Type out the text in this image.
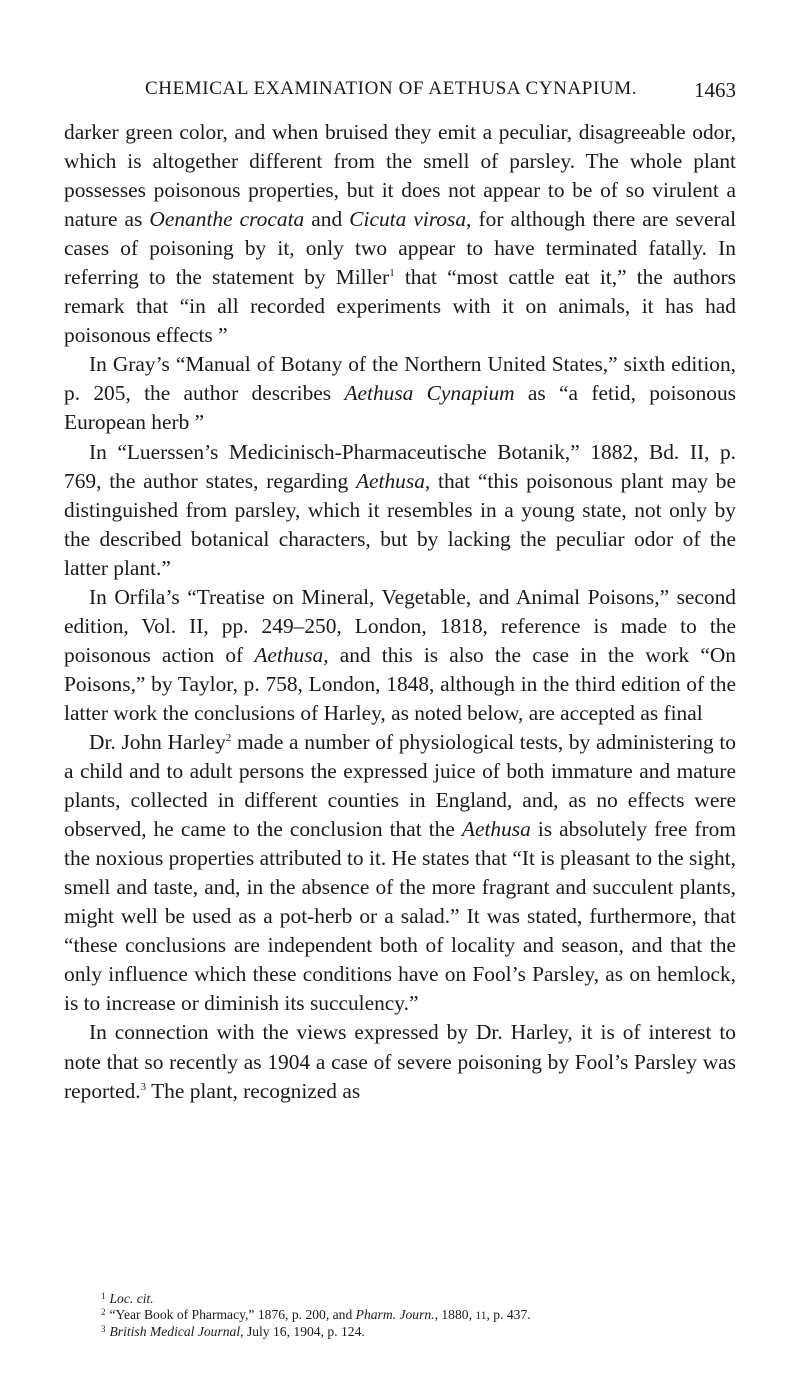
CHEMICAL EXAMINATION OF AETHUSA CYNAPIUM.	1463

darker green color, and when bruised they emit a peculiar, disagreeable odor, which is altogether different from the smell of parsley. The whole plant possesses poisonous properties, but it does not appear to be of so virulent a nature as Oenanthe crocata and Cicuta virosa, for although there are several cases of poisoning by it, only two appear to have terminated fatally. In referring to the statement by Miller$^1$ that “most cattle eat it,” the authors remark that “in all recorded experiments with it on animals, it has had poisonous effects ”

In Gray’s “Manual of Botany of the Northern United States,” sixth edition, p. 205, the author describes Aethusa Cynapium as “a fetid, poisonous European herb ”

In “Luerssen’s Medicinisch-Pharmaceutische Botanik,” 1882, Bd. II, p. 769, the author states, regarding Aethusa, that “this poisonous plant may be distinguished from parsley, which it resembles in a young state, not only by the described botanical characters, but by lacking the peculiar odor of the latter plant.”

In Orfila’s “Treatise on Mineral, Vegetable, and Animal Poisons,” second edition, Vol. II, pp. 249–250, London, 1818, reference is made to the poisonous action of Aethusa, and this is also the case in the work “On Poisons,” by Taylor, p. 758, London, 1848, although in the third edition of the latter work the conclusions of Harley, as noted below, are accepted as final

Dr. John Harley$^2$ made a number of physiological tests, by administering to a child and to adult persons the expressed juice of both immature and mature plants, collected in different counties in England, and, as no effects were observed, he came to the conclusion that the Aethusa is absolutely free from the noxious properties attributed to it. He states that “It is pleasant to the sight, smell and taste, and, in the absence of the more fragrant and succulent plants, might well be used as a pot-herb or a salad.” It was stated, furthermore, that “these conclusions are independent both of locality and season, and that the only influence which these conditions have on Fool’s Parsley, as on hemlock, is to increase or diminish its succulency.”

In connection with the views expressed by Dr. Harley, it is of interest to note that so recently as 1904 a case of severe poisoning by Fool’s Parsley was reported.$^3$ The plant, recognized as

$^1$ Loc. cit.

$^2$ “Year Book of Pharmacy,” 1876, p. 200, and Pharm. Journ., 1880, 11, p. 437.

$^3$ British Medical Journal, July 16, 1904, p. 124.
